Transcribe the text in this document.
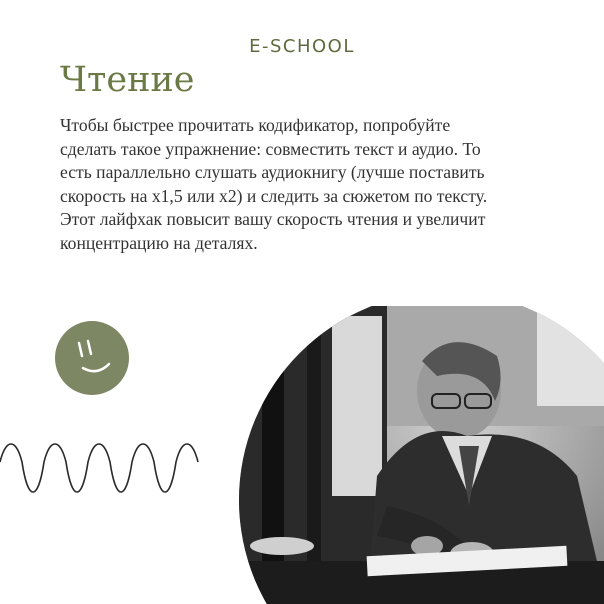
E-SCHOOL
Чтение
Чтобы быстрее прочитать кодификатор, попробуйте
сделать такое упражнение: совместить текст и аудио. То
есть параллельно слушать аудиокнигу (лучше поставить
скорость на х1,5 или х2) и следить за сюжетом по тексту.
Этот лайфхак повысит вашу скорость чтения и увеличит
концентрацию на деталях.
